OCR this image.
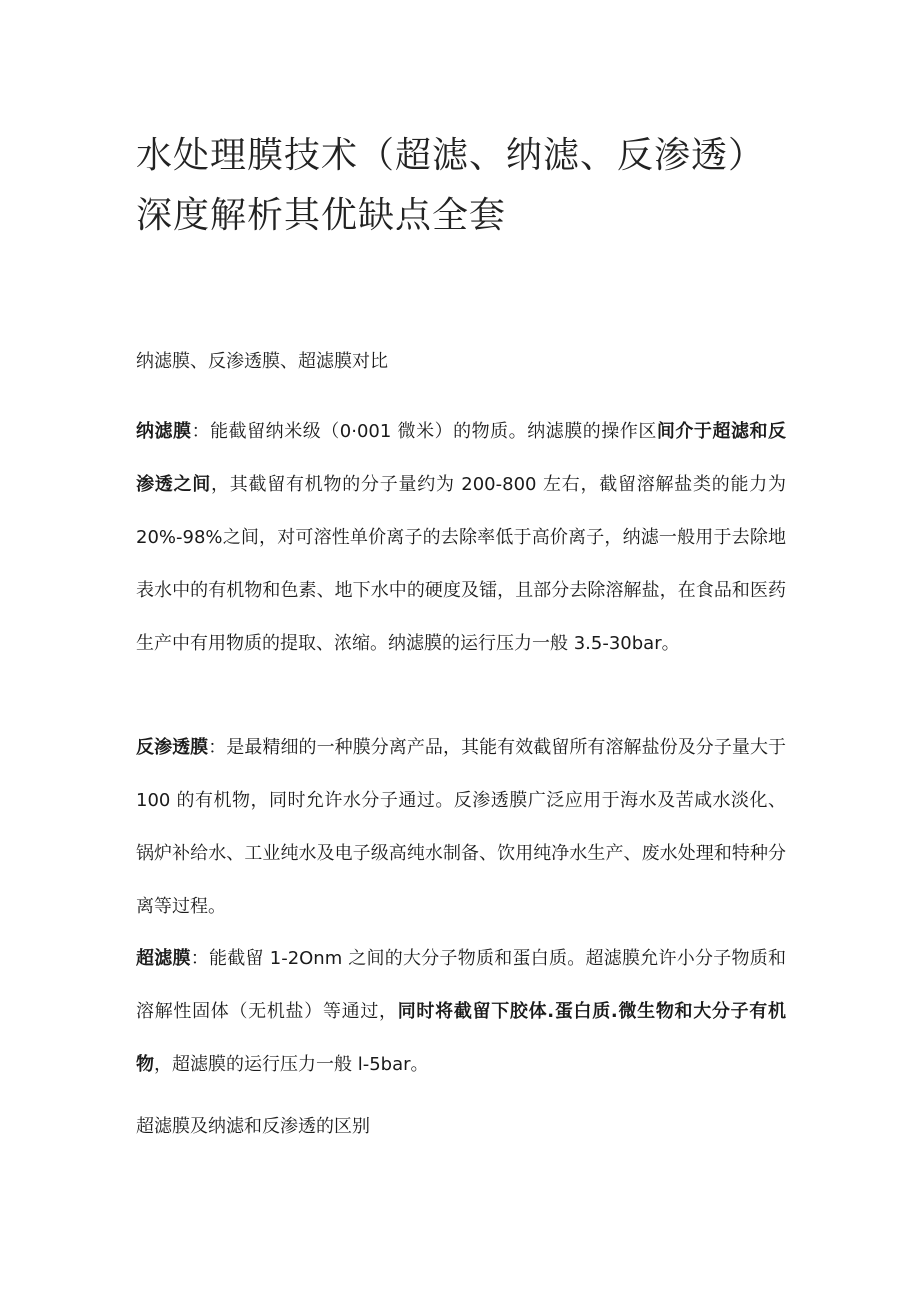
水处理膜技术（超滤、纳滤、反渗透）
深度解析其优缺点全套

纳滤膜、反渗透膜、超滤膜对比

纳滤膜：能截留纳米级（0·001 微米）的物质。纳滤膜的操作区间介于超滤和反渗透之间，其截留有机物的分子量约为 200-800 左右，截留溶解盐类的能力为 20%-98%之间，对可溶性单价离子的去除率低于高价离子，纳滤一般用于去除地表水中的有机物和色素、地下水中的硬度及镭，且部分去除溶解盐，在食品和医药生产中有用物质的提取、浓缩。纳滤膜的运行压力一般 3.5-30bar。

反渗透膜：是最精细的一种膜分离产品，其能有效截留所有溶解盐份及分子量大于 100 的有机物，同时允许水分子通过。反渗透膜广泛应用于海水及苦咸水淡化、锅炉补给水、工业纯水及电子级高纯水制备、饮用纯净水生产、废水处理和特种分离等过程。

超滤膜：能截留 1-2Onm 之间的大分子物质和蛋白质。超滤膜允许小分子物质和溶解性固体（无机盐）等通过，同时将截留下胶体.蛋白质.微生物和大分子有机物，超滤膜的运行压力一般 l-5bar。

超滤膜及纳滤和反渗透的区别
